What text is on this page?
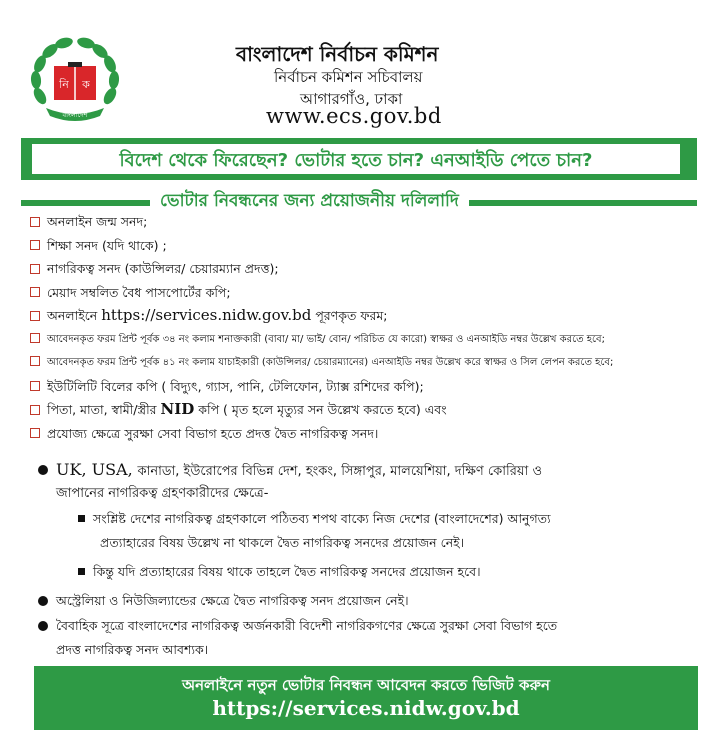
নি ক
বাংলাদেশ
বাংলাদেশ নির্বাচন কমিশন
নির্বাচন কমিশন সচিবালয়
আগারগাঁও, ঢাকা
www.ecs.gov.bd
বিদেশ থেকে ফিরেছেন? ভোটার হতে চান? এনআইডি পেতে চান?
ভোটার নিবন্ধনের জন্য প্রয়োজনীয় দলিলাদি
অনলাইন জন্ম সনদ;
শিক্ষা সনদ (যদি থাকে) ;
নাগরিকত্ব সনদ (কাউন্সিলর/ চেয়ারম্যান প্রদত্ত);
মেয়াদ সম্বলিত বৈধ পাসপোর্টের কপি;
অনলাইনে https://services.nidw.gov.bd পূরণকৃত ফরম;
আবেদনকৃত ফরম প্রিন্ট পূর্বক ৩৪ নং কলাম শনাক্তকারী (বাবা/ মা/ ভাই/ বোন/ পরিচিত যে কারো) স্বাক্ষর ও এনআইডি নম্বর উল্লেখ করতে হবে;
আবেদনকৃত ফরম প্রিন্ট পূর্বক ৪১ নং কলাম যাচাইকারী (কাউন্সিলর/ চেয়ারম্যানের) এনআইডি নম্বর উল্লেখ করে স্বাক্ষর ও সিল লেপন করতে হবে;
ইউটিলিটি বিলের কপি ( বিদ্যুৎ, গ্যাস, পানি, টেলিফোন, ট্যাক্স রশিদের কপি);
পিতা, মাতা, স্বামী/স্ত্রীর NID কপি ( মৃত হলে মৃত্যুর সন উল্লেখ করতে হবে) এবং
প্রযোজ্য ক্ষেত্রে সুরক্ষা সেবা বিভাগ হতে প্রদত্ত দ্বৈত নাগরিকত্ব সনদ।
UK, USA, কানাডা, ইউরোপের বিভিন্ন দেশ, হংকং, সিঙ্গাপুর, মালয়েশিয়া, দক্ষিণ কোরিয়া ও
জাপানের নাগরিকত্ব গ্রহণকারীদের ক্ষেত্রে-
সংশ্লিষ্ট দেশের নাগরিকত্ব গ্রহণকালে পঠিতব্য শপথ বাক্যে নিজ দেশের (বাংলাদেশের) আনুগত্য
প্রত্যাহারের বিষয় উল্লেখ না থাকলে দ্বৈত নাগরিকত্ব সনদের প্রয়োজন নেই।
কিন্তু যদি প্রত্যাহারের বিষয় থাকে তাহলে দ্বৈত নাগরিকত্ব সনদের প্রয়োজন হবে।
অস্ট্রেলিয়া ও নিউজিল্যান্ডের ক্ষেত্রে দ্বৈত নাগরিকত্ব সনদ প্রয়োজন নেই।
বৈবাহিক সূত্রে বাংলাদেশের নাগরিকত্ব অর্জনকারী বিদেশী নাগরিকগণের ক্ষেত্রে সুরক্ষা সেবা বিভাগ হতে
প্রদত্ত নাগরিকত্ব সনদ আবশ্যক।
অনলাইনে নতুন ভোটার নিবন্ধন আবেদন করতে ভিজিট করুন
https://services.nidw.gov.bd
